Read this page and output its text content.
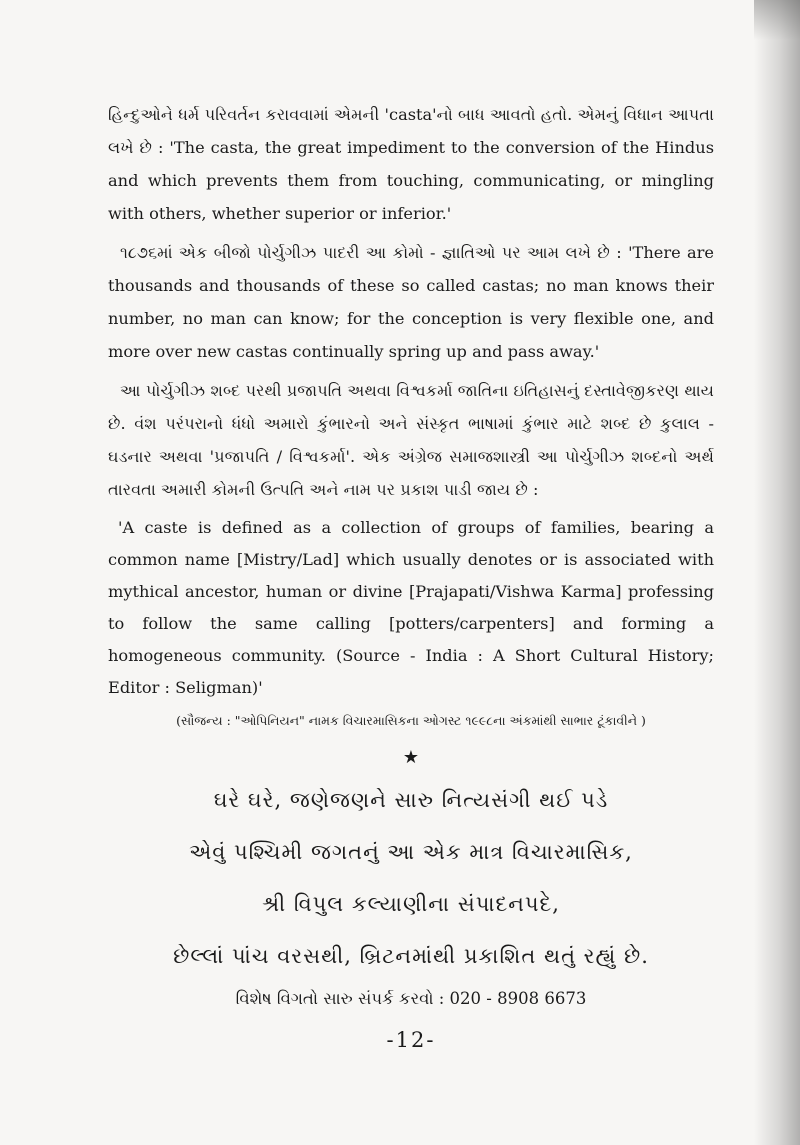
હિન્દુઓને ધર્મ પરિવર્તન કરાવવામાં એમની 'casta'નો બાધ આવતો હતો. એમનું વિધાન આપતા લખે છે : 'The casta, the great impediment to the conversion of the Hindus and which prevents them from touching, communicating, or mingling with others, whether superior or inferior.'

૧૮૭૬માં એક બીજો પોર્ચુગીઝ પાદરી આ કોમો - જ્ઞાતિઓ પર આમ લખે છે : 'There are thousands and thousands of these so called castas; no man knows their number, no man can know; for the conception is very flexible one, and more over new castas continually spring up and pass away.'

આ પોર્ચુગીઝ શબ્દ પરથી પ્રજાપતિ અથવા વિશ્વકર્મા જાતિના ઇતિહાસનું દસ્તાવેજીકરણ થાય છે. વંશ પરંપરાનો ધંધો અમારો કુંભારનો અને સંસ્કૃત ભાષામાં કુંભાર માટે શબ્દ છે કુલાલ - ઘડનાર અથવા 'પ્રજાપતિ / વિશ્વકર્મા'. એક અંગ્રેજ સમાજશાસ્ત્રી આ પોર્ચુગીઝ શબ્દનો અર્થ તારવતા અમારી કોમની ઉત્પતિ અને નામ પર પ્રકાશ પાડી જાય છે :

'A caste is defined as a collection of groups of families, bearing a common name [Mistry/Lad] which usually denotes or is associated with mythical ancestor, human or divine [Prajapati/Vishwa Karma] professing to follow the same calling [potters/carpenters] and forming a homogeneous community. (Source - India : A Short Cultural History; Editor : Seligman)'

(સૌજન્ય : "ઓપિનિયન" નામક વિચારમાસિકના ઓગસ્ટ ૧૯૯૮ના અંકમાંથી સાભાર ટૂંકાવીને )

★
ઘરે ઘરે, જણેજણને સારુ નિત્યસંગી થઈ પડે
એવું પશ્ચિમી જગતનું આ એક માત્ર વિચારમાસિક,
શ્રી વિપુલ કલ્યાણીના સંપાદનપદે,
છેલ્લાં પાંચ વરસથી, બ્રિટનમાંથી પ્રકાશિત થતું રહ્યું છે.
વિશેષ વિગતો સારુ સંપર્ક કરવો : 020 - 8908 6673
-12-
